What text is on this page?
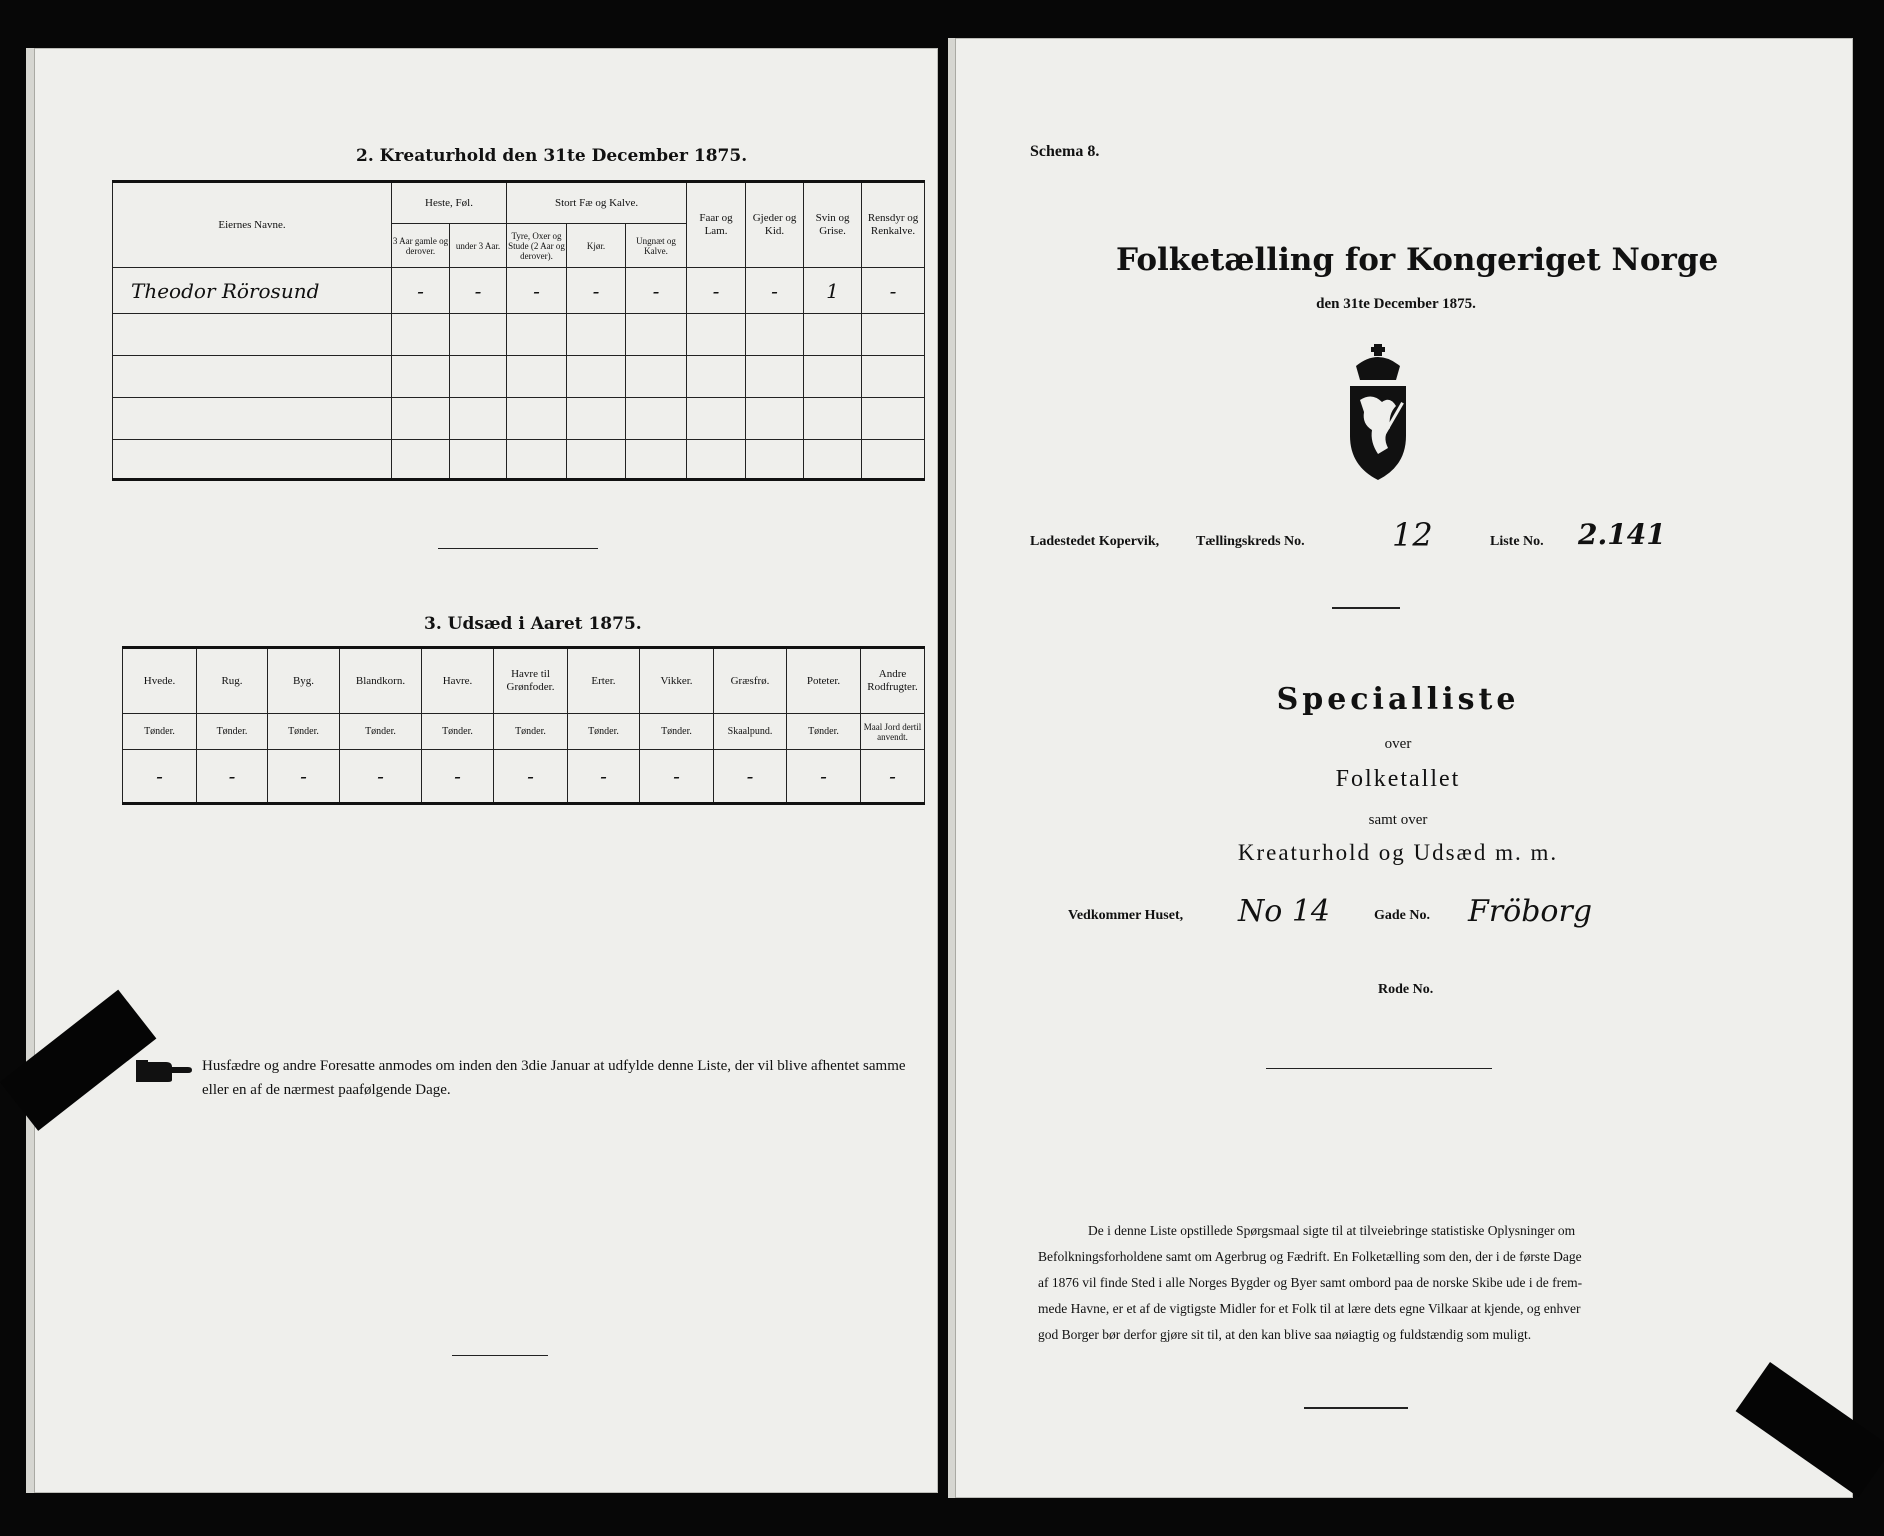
2. Kreaturhold den 31te December 1875.
Eiernes Navne.	Heste, Føl.		Stort Fæ og Kalve.			Faar og Lam.	Gjeder og Kid.	Svin og Grise.	Rensdyr og Renkalve.
	3 Aar gamle og derover.	under 3 Aar.	Tyre, Oxer og Stude (2 Aar og derover).	Kjør.	Ungnæt og Kalve.				
Theodor Rörosund	-	-	-	-	-	-	-	1	-

3. Udsæd i Aaret 1875.
Hvede.	Rug.	Byg.	Blandkorn.	Havre.	Havre til Grønfoder.	Erter.	Vikker.	Græsfrø.	Poteter.	Andre Rodfrugter.
Tønder.	Tønder.	Tønder.	Tønder.	Tønder.	Tønder.	Tønder.	Tønder.	Skaalpund.	Tønder.	Maal Jord dertil anvendt.
-	-	-	-	-	-	-	-	-	-	-
Husfædre og andre Foresatte anmodes om inden den 3die Januar at udfylde denne Liste, der vil blive afhentet samme eller en af de nærmest paafølgende Dage.
Schema 8.
Folketælling for Kongeriget Norge
den 31te December 1875.
Ladestedet Kopervik,	Tællingskreds No.	12	Liste No. 2.141
Specialliste
over
Folketallet
samt over
Kreaturhold og Udsæd m. m.
Vedkommer Huset, No 14	Gade No. Fröborg
Rode No.
De i denne Liste opstillede Spørgsmaal sigte til at tilveiebringe statistiske Oplysninger om
Befolkningsforholdene samt om Agerbrug og Fædrift. En Folketælling som den, der i de første Dage
af 1876 vil finde Sted i alle Norges Bygder og Byer samt ombord paa de norske Skibe ude i de frem-
mede Havne, er et af de vigtigste Midler for et Folk til at lære dets egne Vilkaar at kjende, og enhver
god Borger bør derfor gjøre sit til, at den kan blive saa nøiagtig og fuldstændig som muligt.
